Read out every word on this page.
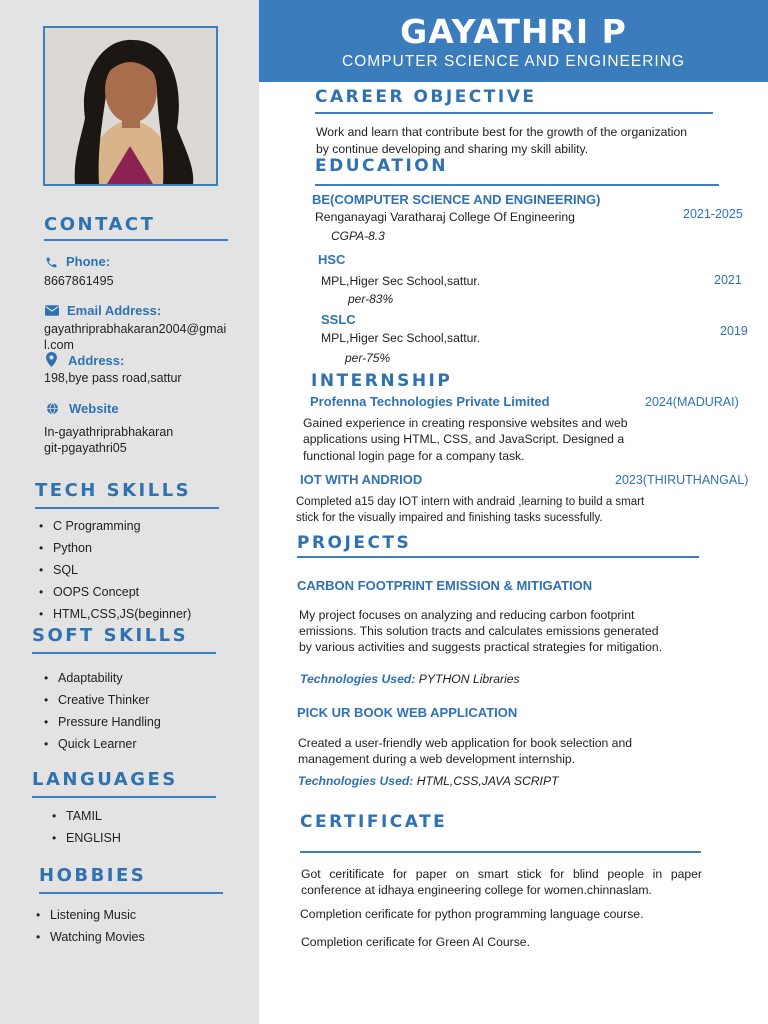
CONTACT
Phone:
8667861495
Email Address:
gayathriprabhakaran2004@gmail.com
Address:
198,bye pass road,sattur
Website
In-gayathriprabhakaran
git-pgayathri05
TECH SKILLS
• C Programming
• Python
• SQL
• OOPS Concept
• HTML,CSS,JS(beginner)
SOFT SKILLS
• Adaptability
• Creative Thinker
• Pressure Handling
• Quick Learner
LANGUAGES
• TAMIL
• ENGLISH
HOBBIES
• Listening Music
• Watching Movies
GAYATHRI P
COMPUTER SCIENCE AND ENGINEERING
CAREER OBJECTIVE
Work and learn that contribute best for the growth of the organization
by continue developing and sharing my skill ability.
EDUCATION
BE(COMPUTER SCIENCE AND ENGINEERING)
Renganayagi Varatharaj College Of Engineering
CGPA-8.3
2021-2025
HSC
MPL,Higer Sec School,sattur.
per-83%
2021
SSLC
MPL,Higer Sec School,sattur.
per-75%
2019
INTERNSHIP
Profenna Technologies Private Limited	2024(MADURAI)
Gained experience in creating responsive websites and web
applications using HTML, CSS, and JavaScript. Designed a
functional login page for a company task.
IOT WITH ANDRIOD	2023(THIRUTHANGAL)
Completed a15 day IOT intern with andraid ,learning to build a smart
stick for the visually impaired and finishing tasks sucessfully.
PROJECTS
CARBON FOOTPRINT EMISSION & MITIGATION
My project focuses on analyzing and reducing carbon footprint
emissions. This solution tracts and calculates emissions generated
by various activities and suggests practical strategies for mitigation.
Technologies Used: PYTHON Libraries
PICK UR BOOK WEB APPLICATION
Created a user-friendly web application for book selection and
management during a web development internship.
Technologies Used: HTML,CSS,JAVA SCRIPT
CERTIFICATE
Got ceritificate for paper on smart stick for blind people in paper
conference at idhaya engineering college for women.chinnaslam.
Completion cerificate for python programming language course.
Completion cerificate for Green AI Course.
